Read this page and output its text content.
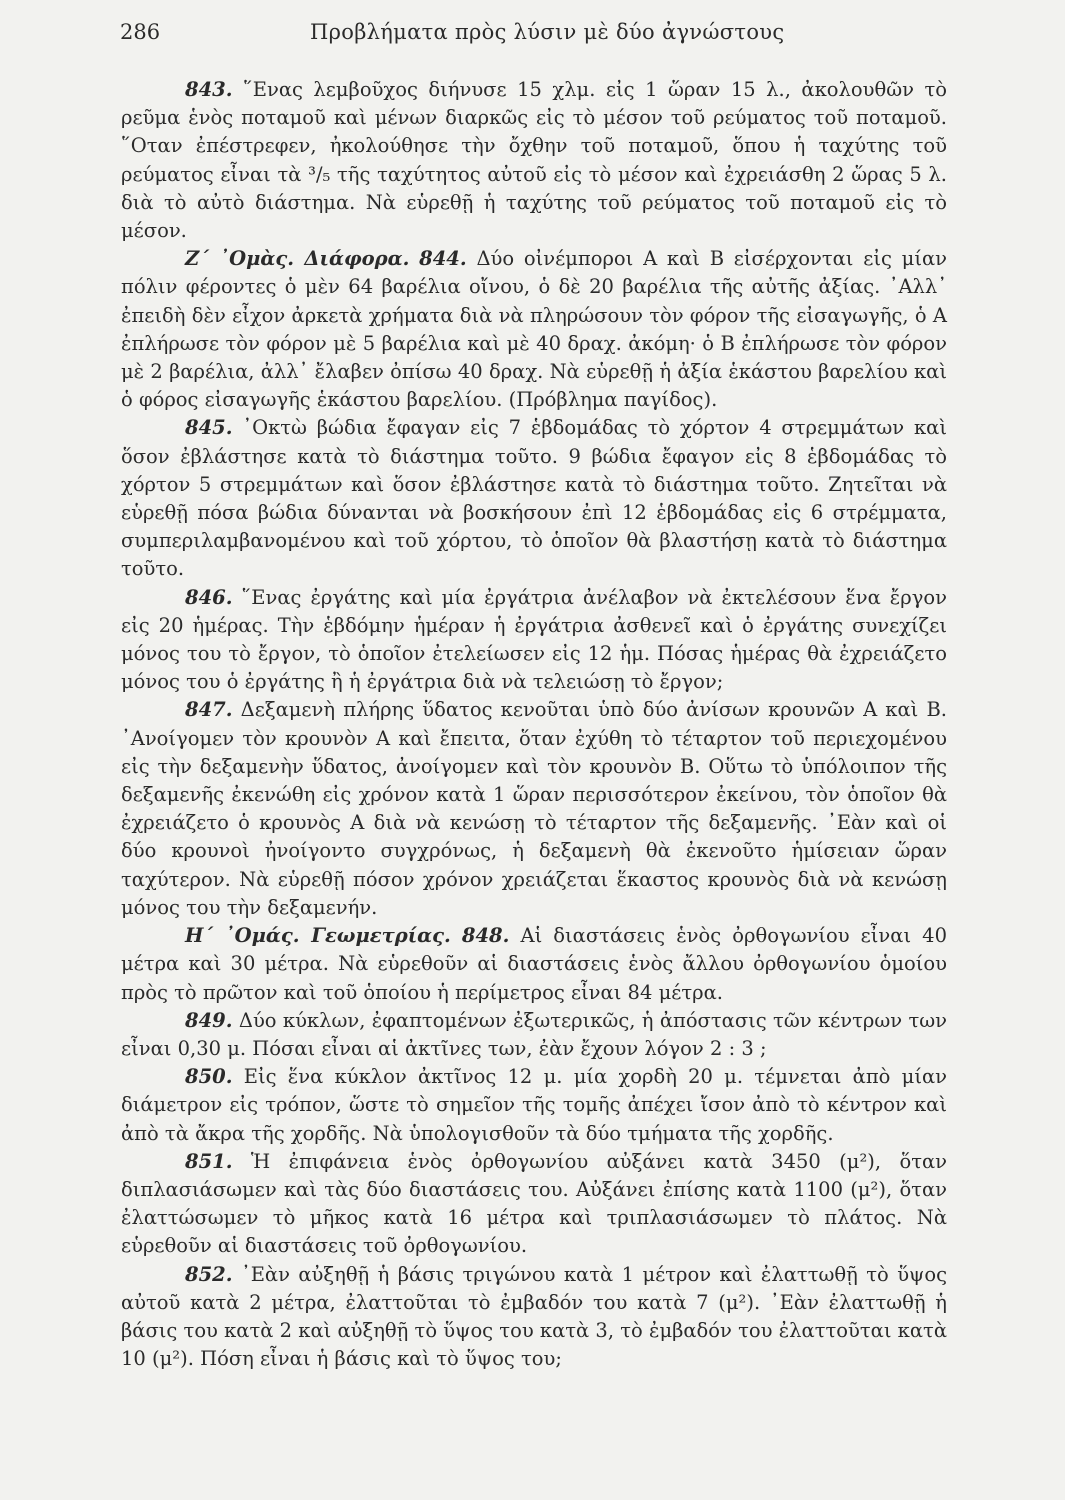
286	Προβλήματα πρὸς λύσιν μὲ δύο ἀγνώστους

843. ῞Ενας λεμβοῦχος διήνυσε 15 χλμ. εἰς 1 ὥραν 15 λ., ἀκολουθῶν τὸ ρεῦμα ἑνὸς ποταμοῦ καὶ μένων διαρκῶς εἰς τὸ μέσον τοῦ ρεύματος τοῦ ποταμοῦ. ῞Οταν ἐπέστρεφεν, ἠκολούθησε τὴν ὄχθην τοῦ ποταμοῦ, ὅπου ἡ ταχύτης τοῦ ρεύματος εἶναι τὰ ³/₅ τῆς ταχύτητος αὐτοῦ εἰς τὸ μέσον καὶ ἐχρειάσθη 2 ὥρας 5 λ. διὰ τὸ αὐτὸ διάστημα. Νὰ εὑρεθῇ ἡ ταχύτης τοῦ ρεύματος τοῦ ποταμοῦ εἰς τὸ μέσον.

Ζ΄ ᾿Ομὰς. Διάφορα. 844. Δύο οἰνέμποροι Α καὶ Β εἰσέρχονται εἰς μίαν πόλιν φέροντες ὁ μὲν 64 βαρέλια οἴνου, ὁ δὲ 20 βαρέλια τῆς αὐτῆς ἀξίας. ᾿Αλλ᾿ ἐπειδὴ δὲν εἶχον ἀρκετὰ χρήματα διὰ νὰ πληρώσουν τὸν φόρον τῆς εἰσαγωγῆς, ὁ Α ἐπλήρωσε τὸν φόρον μὲ 5 βαρέλια καὶ μὲ 40 δραχ. ἀκόμη· ὁ Β ἐπλήρωσε τὸν φόρον μὲ 2 βαρέλια, ἀλλ᾿ ἔλαβεν ὀπίσω 40 δραχ. Νὰ εὑρεθῇ ἡ ἀξία ἑκάστου βαρελίου καὶ ὁ φόρος εἰσαγωγῆς ἑκάστου βαρελίου. (Πρόβλημα παγίδος).

845. ᾿Οκτὼ βώδια ἔφαγαν εἰς 7 ἑβδομάδας τὸ χόρτον 4 στρεμμάτων καὶ ὅσον ἐβλάστησε κατὰ τὸ διάστημα τοῦτο. 9 βώδια ἔφαγον εἰς 8 ἑβδομάδας τὸ χόρτον 5 στρεμμάτων καὶ ὅσον ἐβλάστησε κατὰ τὸ διάστημα τοῦτο. Ζητεῖται νὰ εὑρεθῇ πόσα βώδια δύνανται νὰ βοσκήσουν ἐπὶ 12 ἑβδομάδας εἰς 6 στρέμματα, συμπεριλαμβανομένου καὶ τοῦ χόρτου, τὸ ὁποῖον θὰ βλαστήσῃ κατὰ τὸ διάστημα τοῦτο.

846. ῞Ενας ἐργάτης καὶ μία ἐργάτρια ἀνέλαβον νὰ ἐκτελέσουν ἕνα ἔργον εἰς 20 ἡμέρας. Τὴν ἑβδόμην ἡμέραν ἡ ἐργάτρια ἀσθενεῖ καὶ ὁ ἐργάτης συνεχίζει μόνος του τὸ ἔργον, τὸ ὁποῖον ἐτελείωσεν εἰς 12 ἡμ. Πόσας ἡμέρας θὰ ἐχρειάζετο μόνος του ὁ ἐργάτης ἢ ἡ ἐργάτρια διὰ νὰ τελειώσῃ τὸ ἔργον;

847. Δεξαμενὴ πλήρης ὕδατος κενοῦται ὑπὸ δύο ἀνίσων κρουνῶν Α καὶ Β. ᾿Ανοίγομεν τὸν κρουνὸν Α καὶ ἔπειτα, ὅταν ἐχύθη τὸ τέταρτον τοῦ περιεχομένου εἰς τὴν δεξαμενὴν ὕδατος, ἀνοίγομεν καὶ τὸν κρουνὸν Β. Οὕτω τὸ ὑπόλοιπον τῆς δεξαμενῆς ἐκενώθη εἰς χρόνον κατὰ 1 ὥραν περισσότερον ἐκείνου, τὸν ὁποῖον θὰ ἐχρειάζετο ὁ κρουνὸς Α διὰ νὰ κενώσῃ τὸ τέταρτον τῆς δεξαμενῆς. ᾿Εὰν καὶ οἱ δύο κρουνοὶ ἠνοίγοντο συγχρόνως, ἡ δεξαμενὴ θὰ ἐκενοῦτο ἡμίσειαν ὥραν ταχύτερον. Νὰ εὑρεθῇ πόσον χρόνον χρειάζεται ἕκαστος κρουνὸς διὰ νὰ κενώσῃ μόνος του τὴν δεξαμενήν.

Η΄ ᾿Ομάς. Γεωμετρίας. 848. Αἱ διαστάσεις ἑνὸς ὀρθογωνίου εἶναι 40 μέτρα καὶ 30 μέτρα. Νὰ εὑρεθοῦν αἱ διαστάσεις ἑνὸς ἄλλου ὀρθογωνίου ὁμοίου πρὸς τὸ πρῶτον καὶ τοῦ ὁποίου ἡ περίμετρος εἶναι 84 μέτρα.

849. Δύο κύκλων, ἐφαπτομένων ἐξωτερικῶς, ἡ ἀπόστασις τῶν κέντρων των εἶναι 0,30 μ. Πόσαι εἶναι αἱ ἀκτῖνες των, ἐὰν ἔχουν λόγον 2 : 3 ;

850. Εἰς ἕνα κύκλον ἀκτῖνος 12 μ. μία χορδὴ 20 μ. τέμνεται ἀπὸ μίαν διάμετρον εἰς τρόπον, ὥστε τὸ σημεῖον τῆς τομῆς ἀπέχει ἴσον ἀπὸ τὸ κέντρον καὶ ἀπὸ τὰ ἄκρα τῆς χορδῆς. Νὰ ὑπολογισθοῦν τὰ δύο τμήματα τῆς χορδῆς.

851. Ἡ ἐπιφάνεια ἑνὸς ὀρθογωνίου αὐξάνει κατὰ 3450 (μ²), ὅταν διπλασιάσωμεν καὶ τὰς δύο διαστάσεις του. Αὐξάνει ἐπίσης κατὰ 1100 (μ²), ὅταν ἐλαττώσωμεν τὸ μῆκος κατὰ 16 μέτρα καὶ τριπλασιάσωμεν τὸ πλάτος. Νὰ εὑρεθοῦν αἱ διαστάσεις τοῦ ὀρθογωνίου.

852. ᾿Εὰν αὐξηθῇ ἡ βάσις τριγώνου κατὰ 1 μέτρον καὶ ἐλαττωθῇ τὸ ὕψος αὐτοῦ κατὰ 2 μέτρα, ἐλαττοῦται τὸ ἐμβαδόν του κατὰ 7 (μ²). ᾿Εὰν ἐλαττωθῇ ἡ βάσις του κατὰ 2 καὶ αὐξηθῇ τὸ ὕψος του κατὰ 3, τὸ ἐμβαδόν του ἐλαττοῦται κατὰ 10 (μ²). Πόση εἶναι ἡ βάσις καὶ τὸ ὕψος του;
